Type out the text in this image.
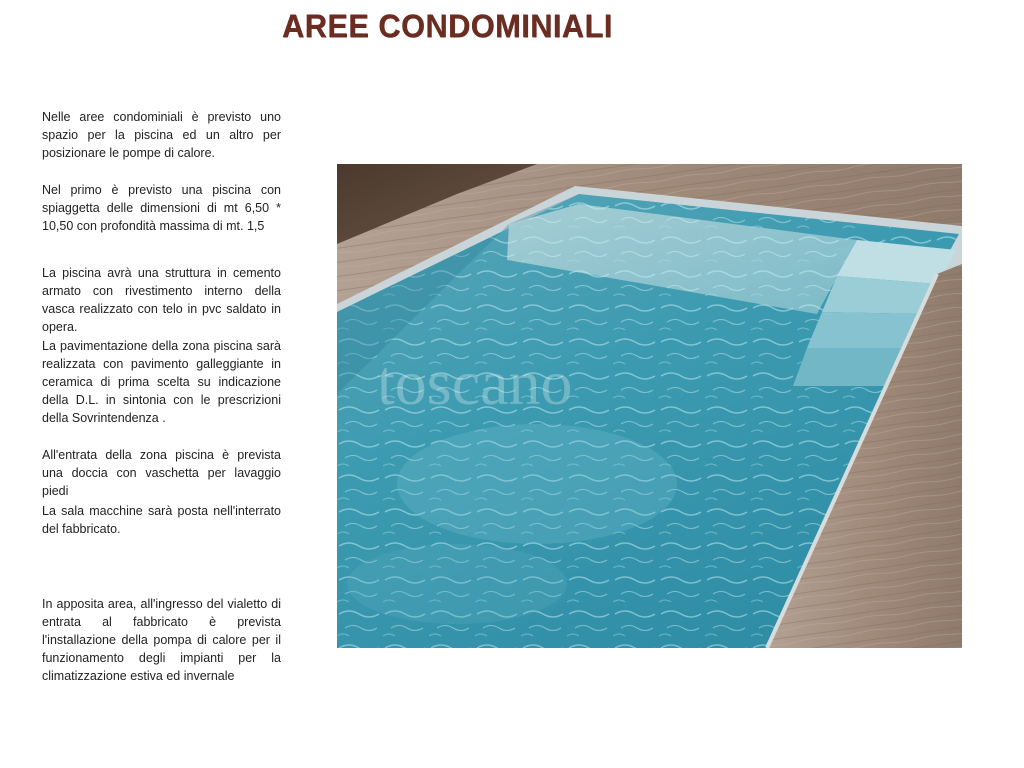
AREE CONDOMINIALI
Nelle aree condominiali è previsto uno spazio per la piscina ed un altro per posizionare le pompe di calore.
Nel primo è previsto una piscina con spiaggetta delle dimensioni di mt 6,50 * 10,50 con profondità massima di mt. 1,5
La piscina avrà una struttura in cemento armato con rivestimento interno della vasca realizzato con telo in pvc saldato in opera.
La pavimentazione della zona piscina sarà realizzata con pavimento galleggiante in ceramica di prima scelta su indicazione della D.L. in sintonia con le prescrizioni della Sovrintendenza .
All'entrata della zona piscina è prevista una doccia con vaschetta per lavaggio piedi
La sala macchine sarà posta nell'interrato del fabbricato.
In apposita area, all'ingresso del vialetto di entrata al fabbricato è prevista l'installazione della pompa di calore per il funzionamento degli impianti per la climatizzazione estiva ed invernale
toscano
